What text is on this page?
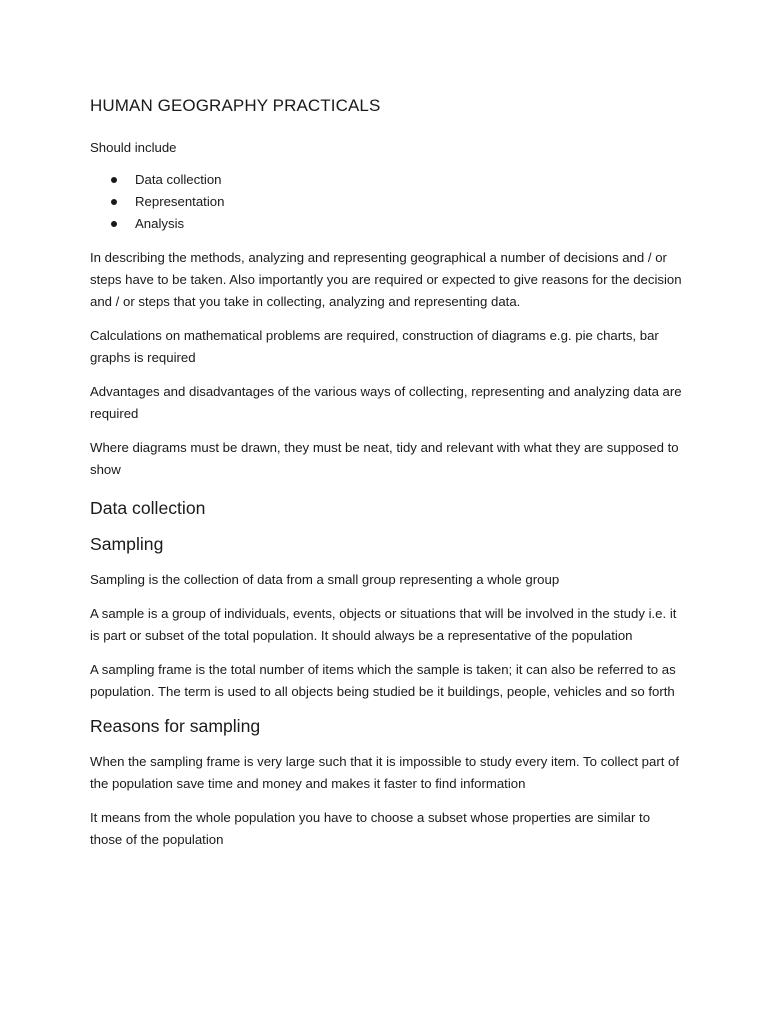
HUMAN GEOGRAPHY PRACTICALS

Should include

Data collection
Representation
Analysis

In describing the methods, analyzing and representing geographical a number of decisions and / or steps have to be taken. Also importantly you are required or expected to give reasons for the decision and / or steps that you take in collecting, analyzing and representing data.

Calculations on mathematical problems are required, construction of diagrams e.g. pie charts, bar graphs is required

Advantages and disadvantages of the various ways of collecting, representing and analyzing data are required

Where diagrams must be drawn, they must be neat, tidy and relevant with what they are supposed to show

Data collection
Sampling

Sampling is the collection of data from a small group representing a whole group

A sample is a group of individuals, events, objects or situations that will be involved in the study i.e. it is part or subset of the total population. It should always be a representative of the population

A sampling frame is the total number of items which the sample is taken; it can also be referred to as population. The term is used to all objects being studied be it buildings, people, vehicles and so forth

Reasons for sampling

When the sampling frame is very large such that it is impossible to study every item. To collect part of the population save time and money and makes it faster to find information

It means from the whole population you have to choose a subset whose properties are similar to those of the population
